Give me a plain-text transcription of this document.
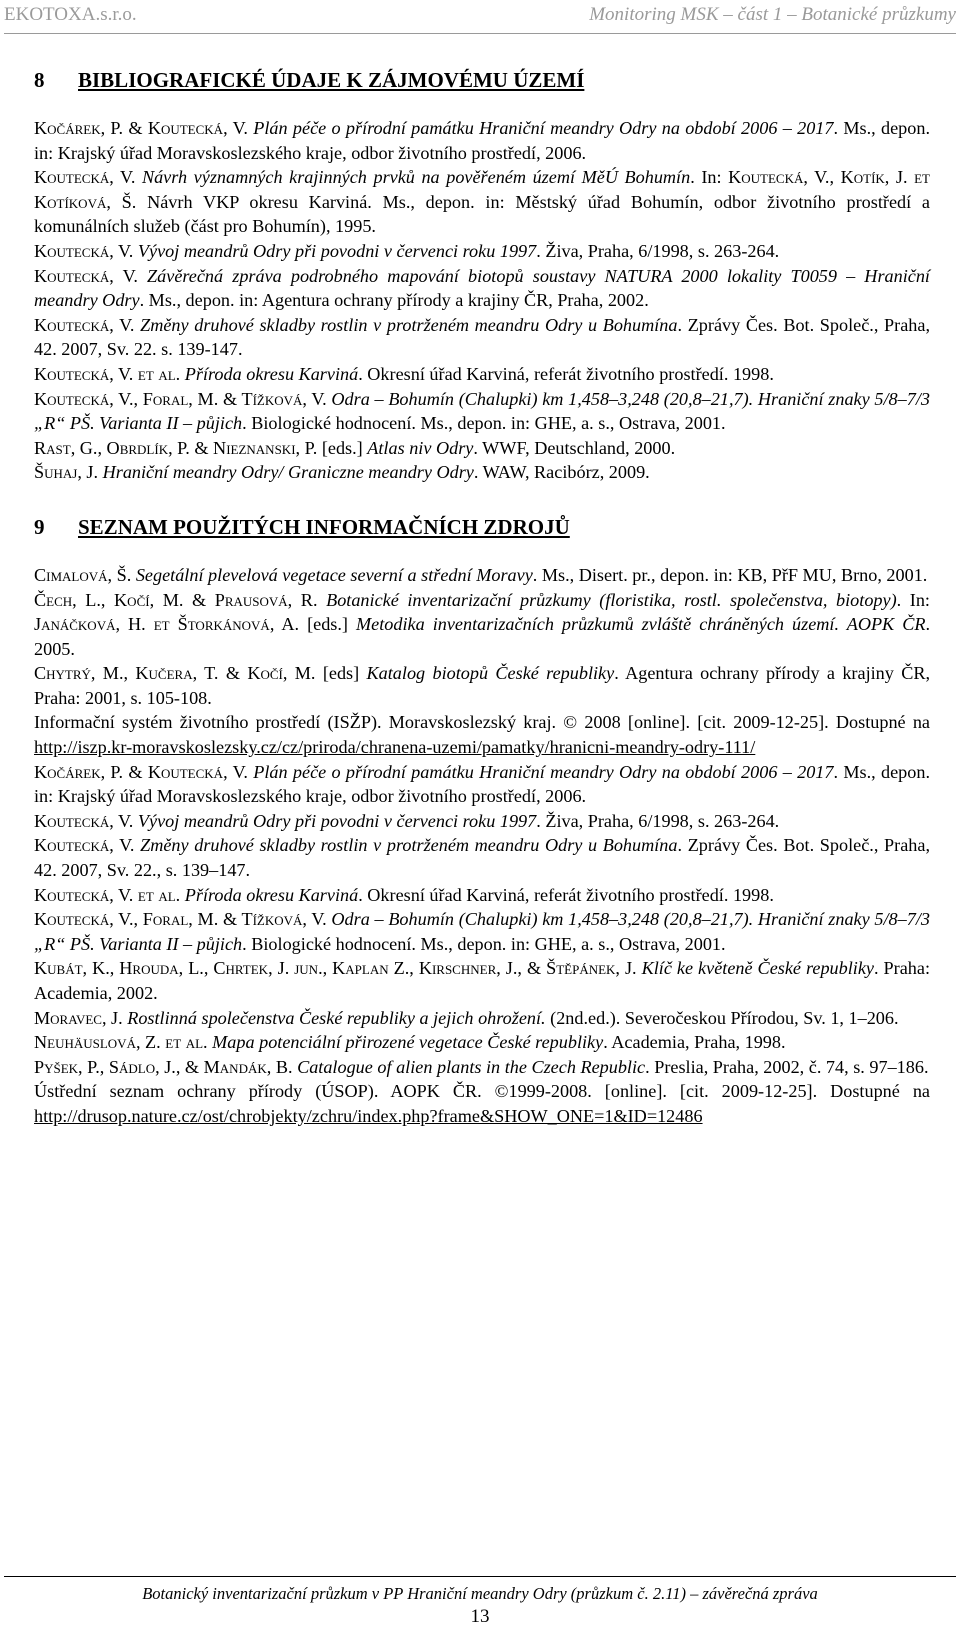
EKOTOXA.s.r.o.	Monitoring MSK – část 1 – Botanické průzkumy
8	BIBLIOGRAFICKÉ ÚDAJE K ZÁJMOVÉMU ÚZEMÍ

Kočárek, P. & Koutecká, V. Plán péče o přírodní památku Hraniční meandry Odry na období 2006 – 2017. Ms., depon. in: Krajský úřad Moravskoslezského kraje, odbor životního prostředí, 2006.

Koutecká, V. Návrh významných krajinných prvků na pověřeném území MěÚ Bohumín. In: Koutecká, V., Kotík, J. et Kotíková, Š. Návrh VKP okresu Karviná. Ms., depon. in: Městský úřad Bohumín, odbor životního prostředí a komunálních služeb (část pro Bohumín), 1995.

Koutecká, V. Vývoj meandrů Odry při povodni v červenci roku 1997. Živa, Praha, 6/1998, s. 263-264.

Koutecká, V. Závěrečná zpráva podrobného mapování biotopů soustavy NATURA 2000 lokality T0059 – Hraniční meandry Odry. Ms., depon. in: Agentura ochrany přírody a krajiny ČR, Praha, 2002.

Koutecká, V. Změny druhové skladby rostlin v protrženém meandru Odry u Bohumína. Zprávy Čes. Bot. Společ., Praha, 42. 2007, Sv. 22. s. 139-147.

Koutecká, V. et al. Příroda okresu Karviná. Okresní úřad Karviná, referát životního prostředí. 1998.

Koutecká, V., Foral, M. & Tížková, V. Odra – Bohumín (Chalupki) km 1,458–3,248 (20,8–21,7). Hraniční znaky 5/8–7/3 „R“ PŠ. Varianta II – půjich. Biologické hodnocení. Ms., depon. in: GHE, a. s., Ostrava, 2001.

Rast, G., Obrdlík, P. & Nieznanski, P. [eds.] Atlas niv Odry. WWF, Deutschland, 2000.

Šuhaj, J. Hraniční meandry Odry/ Graniczne meandry Odry. WAW, Racibórz, 2009.

9	SEZNAM POUŽITÝCH INFORMAČNÍCH ZDROJŮ

Cimalová, Š. Segetální plevelová vegetace severní a střední Moravy. Ms., Disert. pr., depon. in: KB, PřF MU, Brno, 2001.

Čech, L., Kočí, M. & Prausová, R. Botanické inventarizační průzkumy (floristika, rostl. společenstva, biotopy). In: Janáčková, H. et Štorkánová, A. [eds.] Metodika inventarizačních průzkumů zvláště chráněných území. AOPK ČR. 2005.

Chytrý, M., Kučera, T. & Kočí, M. [eds] Katalog biotopů České republiky. Agentura ochrany přírody a krajiny ČR, Praha: 2001, s. 105-108.

Informační systém životního prostředí (ISŽP). Moravskoslezský kraj. © 2008 [online]. [cit. 2009-12-25]. Dostupné na http://iszp.kr-moravskoslezsky.cz/cz/priroda/chranena-uzemi/pamatky/hranicni-meandry-odry-111/

Kočárek, P. & Koutecká, V. Plán péče o přírodní památku Hraniční meandry Odry na období 2006 – 2017. Ms., depon. in: Krajský úřad Moravskoslezského kraje, odbor životního prostředí, 2006.

Koutecká, V. Vývoj meandrů Odry při povodni v červenci roku 1997. Živa, Praha, 6/1998, s. 263-264.

Koutecká, V. Změny druhové skladby rostlin v protrženém meandru Odry u Bohumína. Zprávy Čes. Bot. Společ., Praha, 42. 2007, Sv. 22., s. 139–147.

Koutecká, V. et al. Příroda okresu Karviná. Okresní úřad Karviná, referát životního prostředí. 1998.

Koutecká, V., Foral, M. & Tížková, V. Odra – Bohumín (Chalupki) km 1,458–3,248 (20,8–21,7). Hraniční znaky 5/8–7/3 „R“ PŠ. Varianta II – půjich. Biologické hodnocení. Ms., depon. in: GHE, a. s., Ostrava, 2001.

Kubát, K., Hrouda, L., Chrtek, J. jun., Kaplan Z., Kirschner, J., & Štěpánek, J. Klíč ke květeně České republiky. Praha: Academia, 2002.

Moravec, J. Rostlinná společenstva České republiky a jejich ohrožení. (2nd.ed.). Severočeskou Přírodou, Sv. 1, 1–206.

Neuhäuslová, Z. et al. Mapa potenciální přirozené vegetace České republiky. Academia, Praha, 1998.

Pyšek, P., Sádlo, J., & Mandák, B. Catalogue of alien plants in the Czech Republic. Preslia, Praha, 2002, č. 74, s. 97–186.

Ústřední seznam ochrany přírody (ÚSOP). AOPK ČR. ©1999-2008. [online]. [cit. 2009-12-25]. Dostupné na http://drusop.nature.cz/ost/chrobjekty/zchru/index.php?frame&SHOW_ONE=1&ID=12486

Botanický inventarizační průzkum v PP Hraniční meandry Odry (průzkum č. 2.11) – závěrečná zpráva
13
